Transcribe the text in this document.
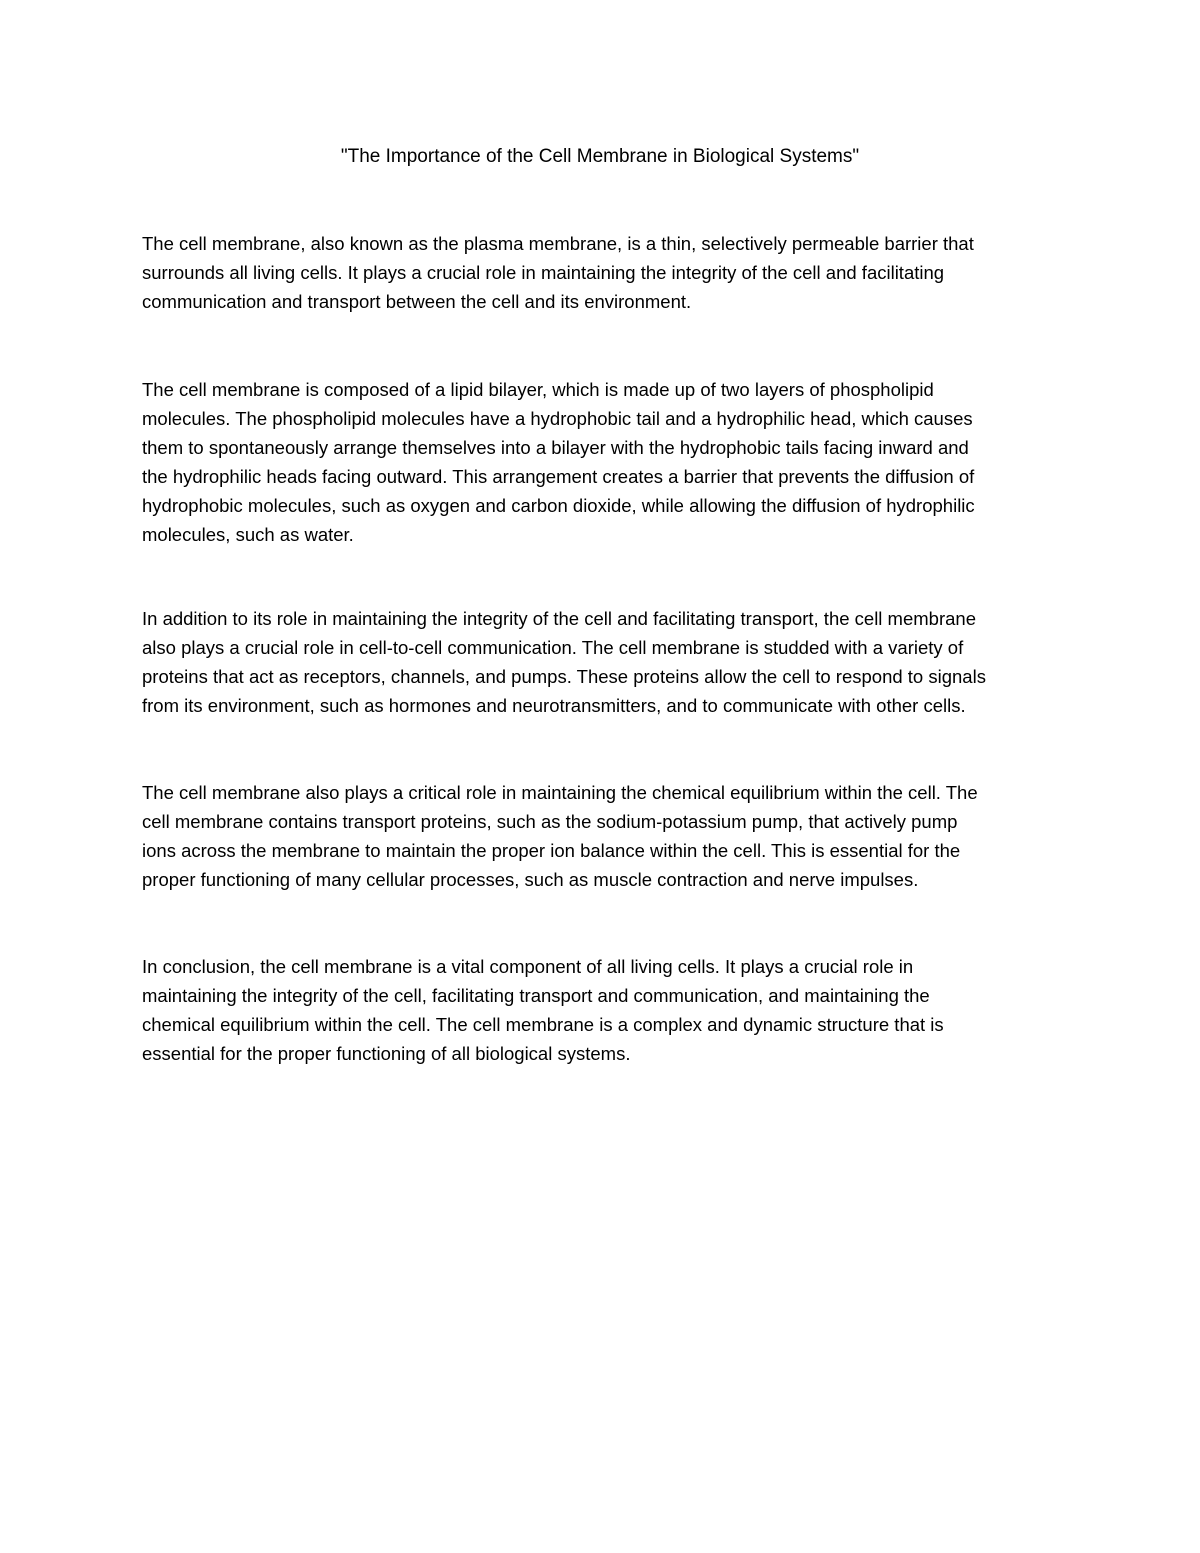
"The Importance of the Cell Membrane in Biological Systems"
The cell membrane, also known as the plasma membrane, is a thin, selectively permeable barrier that
surrounds all living cells. It plays a crucial role in maintaining the integrity of the cell and facilitating
communication and transport between the cell and its environment.
The cell membrane is composed of a lipid bilayer, which is made up of two layers of phospholipid
molecules. The phospholipid molecules have a hydrophobic tail and a hydrophilic head, which causes
them to spontaneously arrange themselves into a bilayer with the hydrophobic tails facing inward and
the hydrophilic heads facing outward. This arrangement creates a barrier that prevents the diffusion of
hydrophobic molecules, such as oxygen and carbon dioxide, while allowing the diffusion of hydrophilic
molecules, such as water.
In addition to its role in maintaining the integrity of the cell and facilitating transport, the cell membrane
also plays a crucial role in cell-to-cell communication. The cell membrane is studded with a variety of
proteins that act as receptors, channels, and pumps. These proteins allow the cell to respond to signals
from its environment, such as hormones and neurotransmitters, and to communicate with other cells.
The cell membrane also plays a critical role in maintaining the chemical equilibrium within the cell. The
cell membrane contains transport proteins, such as the sodium-potassium pump, that actively pump
ions across the membrane to maintain the proper ion balance within the cell. This is essential for the
proper functioning of many cellular processes, such as muscle contraction and nerve impulses.
In conclusion, the cell membrane is a vital component of all living cells. It plays a crucial role in
maintaining the integrity of the cell, facilitating transport and communication, and maintaining the
chemical equilibrium within the cell. The cell membrane is a complex and dynamic structure that is
essential for the proper functioning of all biological systems.
